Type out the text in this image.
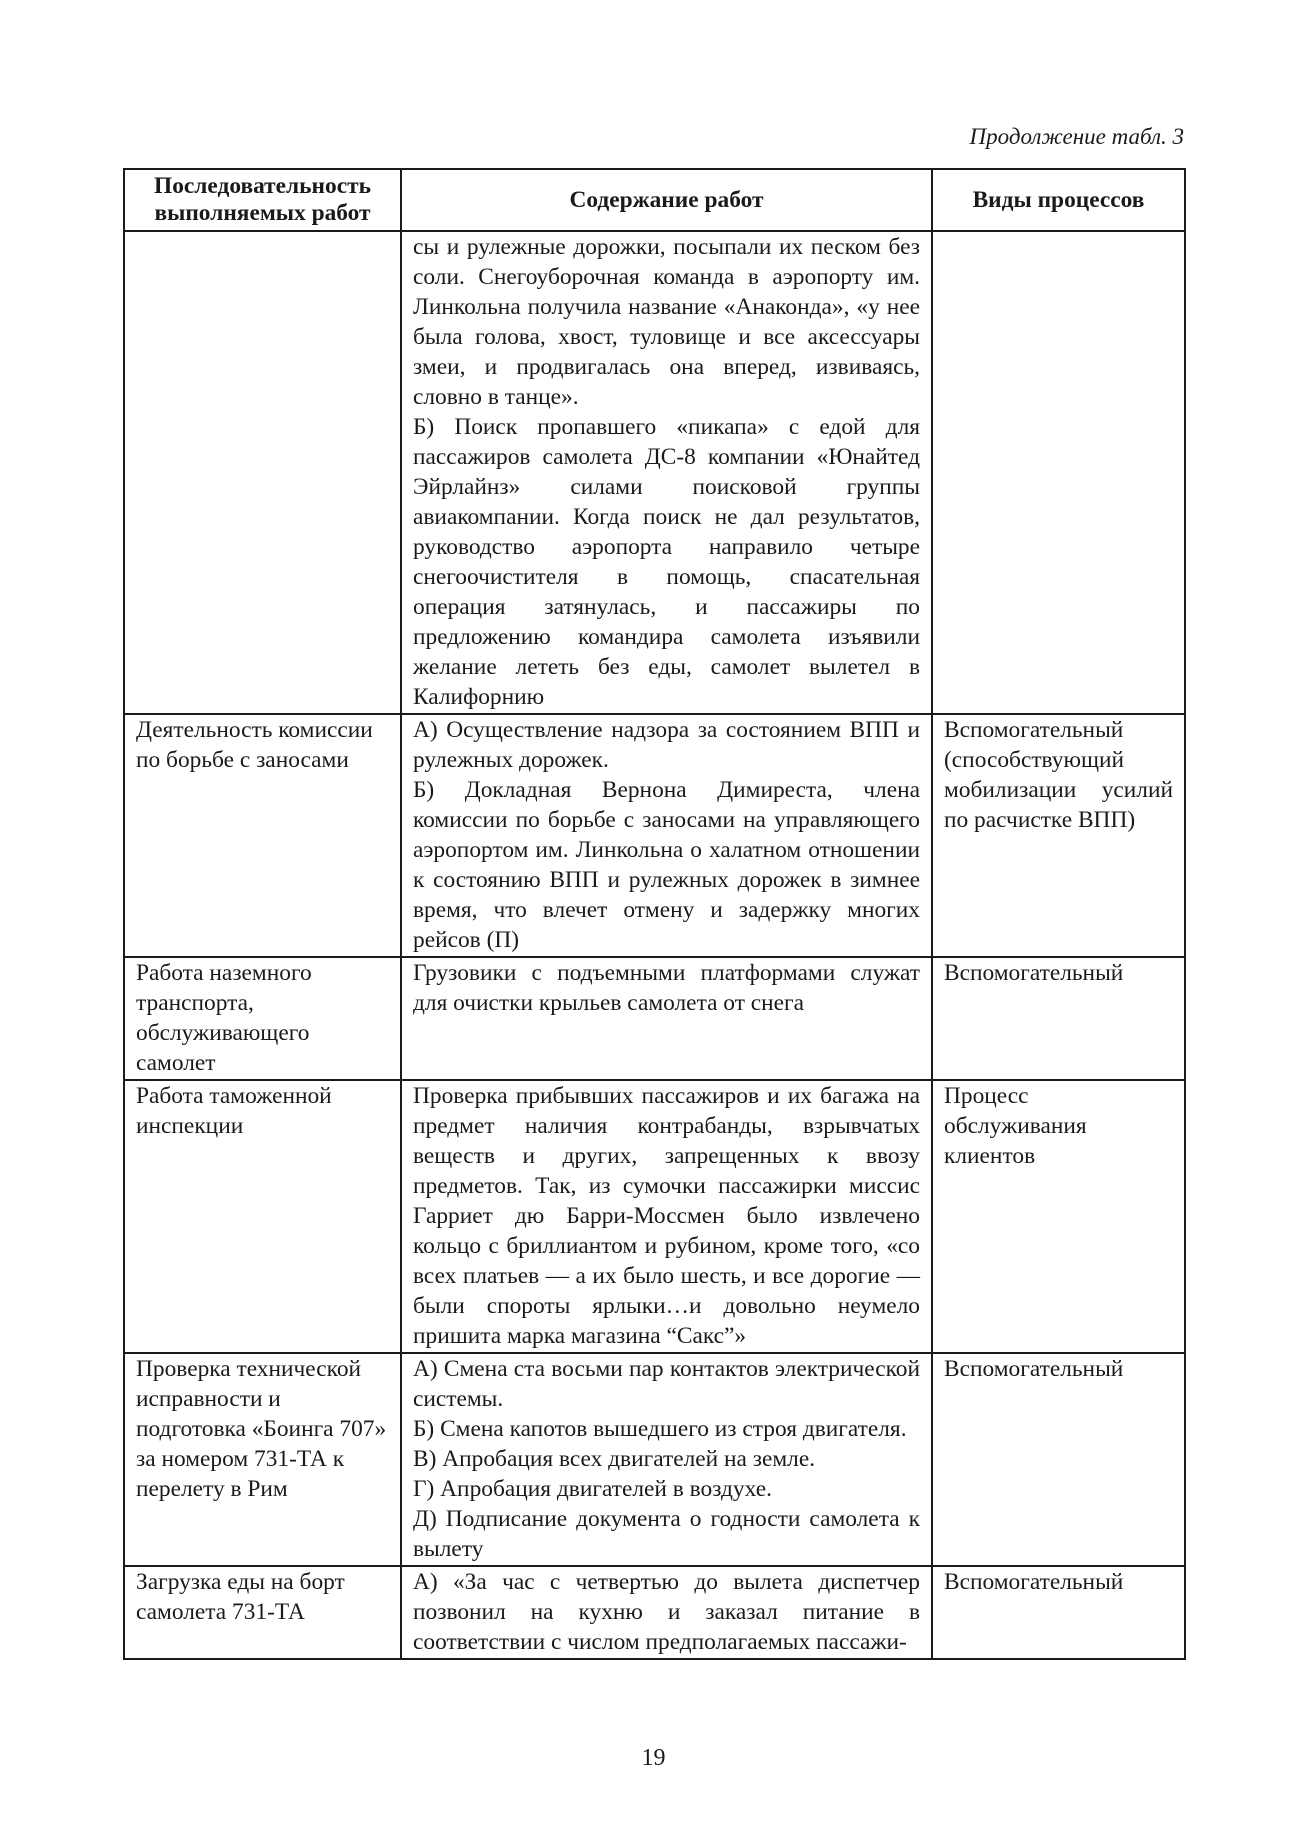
Продолжение табл. 3

Последовательность выполняемых работ	Содержание работ	Виды процессов

	сы и рулежные дорожки, посыпали их песком без соли. Снегоуборочная команда в аэропорту им. Линкольна получила название «Анаконда», «у нее была голова, хвост, туловище и все аксессуары змеи, и продвигалась она вперед, извиваясь, словно в танце».
Б) Поиск пропавшего «пикапа» с едой для пассажиров самолета ДС-8 компании «Юнайтед Эйрлайнз» силами поисковой группы авиакомпании. Когда поиск не дал результатов, руководство аэропорта направило четыре снегоочистителя в помощь, спасательная операция затянулась, и пассажиры по предложению командира самолета изъявили желание лететь без еды, самолет вылетел в Калифорнию	

Деятельность комиссии по борьбе с заносами	А) Осуществление надзора за состоянием ВПП и рулежных дорожек.
Б) Докладная Вернона Димиреста, члена комиссии по борьбе с заносами на управляющего аэропортом им. Линкольна о халатном отношении к состоянию ВПП и рулежных дорожек в зимнее время, что влечет отмену и задержку многих рейсов (П)	Вспомогательный (способствующий мобилизации усилий по расчистке ВПП)
Работа наземного транспорта, обслуживающего самолет	Грузовики с подъемными платформами служат для очистки крыльев самолета от снега	Вспомогательный
Работа таможенной инспекции	Проверка прибывших пассажиров и их багажа на предмет наличия контрабанды, взрывчатых веществ и других, запрещенных к ввозу предметов. Так, из сумочки пассажирки миссис Гарриет дю Барри-Моссмен было извлечено кольцо с бриллиантом и рубином, кроме того, «со всех платьев — а их было шесть, и все дорогие — были спороты ярлыки…и довольно неумело пришита марка магазина “Сакс”»	Процесс обслуживания клиентов
Проверка технической исправности и подготовка «Боинга 707» за номером 731-ТА к перелету в Рим	А) Смена ста восьми пар контактов электрической системы.
Б) Смена капотов вышедшего из строя двигателя.
В) Апробация всех двигателей на земле.
Г) Апробация двигателей в воздухе.
Д) Подписание документа о годности самолета к вылету	Вспомогательный
Загрузка еды на борт самолета 731-ТА	А) «За час с четвертью до вылета диспетчер позвонил на кухню и заказал питание в соответствии с числом предполагаемых пассажи-	Вспомогательный

19
